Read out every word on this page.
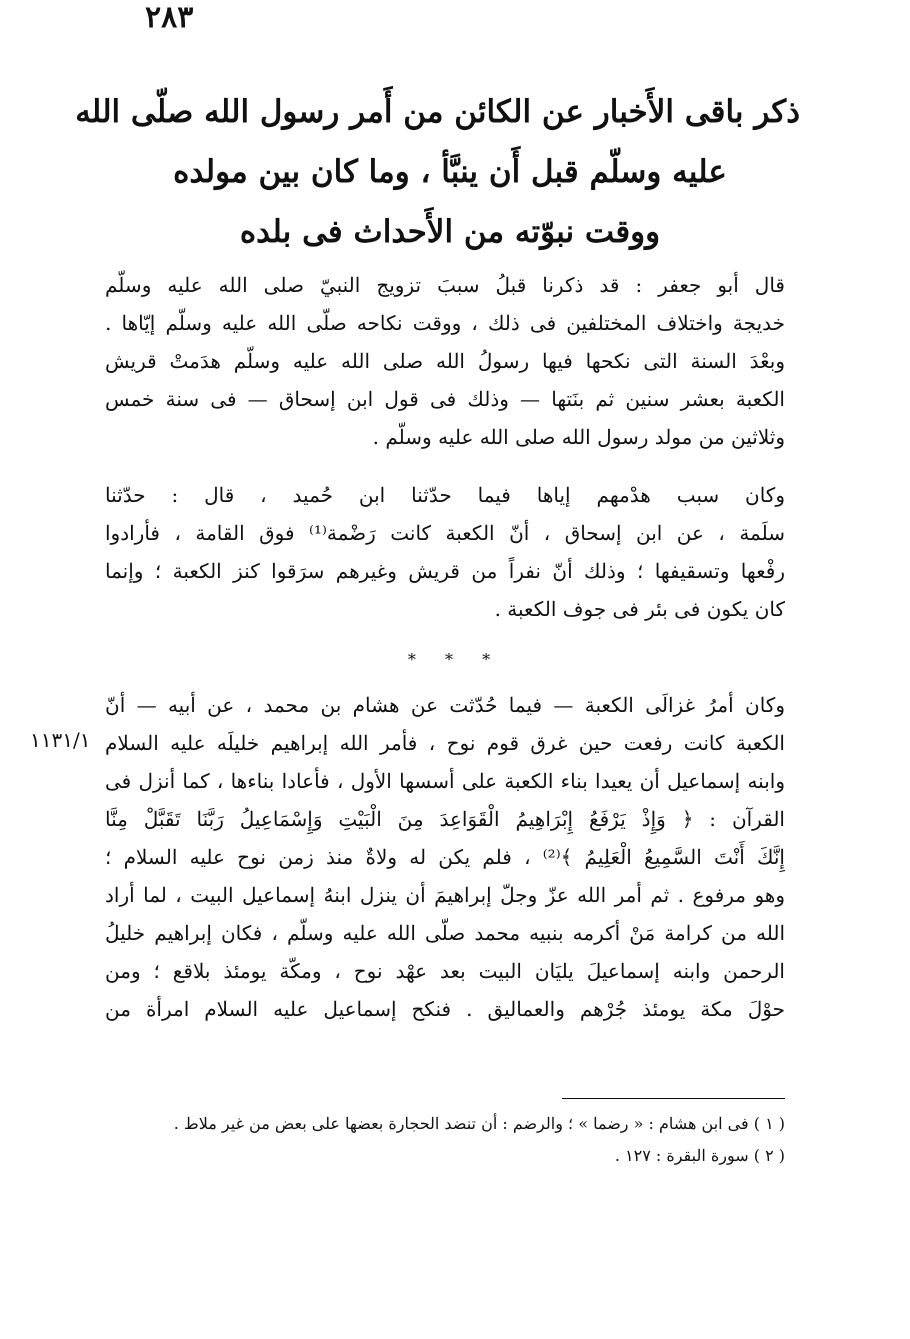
٢٨٣
ذكر باقى الأَخبار عن الكائن من أَمر رسول الله صلّى الله
عليه وسلّم قبل أَن ينبَّأ ، وما كان بين مولده
ووقت نبوّته من الأَحداث فى بلده
قال أبو جعفر : قد ذكرنا قبلُ سببَ تزويج النبيّ صلى الله عليه وسلّم
خديجة واختلاف المختلفين فى ذلك ، ووقت نكاحه صلّى الله عليه وسلّم إيّاها .
وبعْدَ السنة التى نكحها فيها رسولُ الله صلى الله عليه وسلّم هدَمتْ قريش
الكعبة بعشر سنين ثم بنَتها — وذلك فى قول ابن إسحاق — فى سنة خمس
وثلاثين من مولد رسول الله صلى الله عليه وسلّم .
وكان سبب هدْمهم إياها فيما حدّثنا ابن حُميد ، قال : حدّثنا
سلَمة ، عن ابن إسحاق ، أنّ الكعبة كانت رَضْمة⁽¹⁾ فوق القامة ، فأرادوا
رفْعها وتسقيفها ؛ وذلك أنّ نفراً من قريش وغيرهم سرَقوا كنز الكعبة ؛ وإنما
كان يكون فى بئر فى جوف الكعبة .
* * *
١١٣١/١
وكان أمرُ غزالَى الكعبة — فيما حُدّثت عن هشام بن محمد ، عن أبيه — أنّ
الكعبة كانت رفعت حين غرق قوم نوح ، فأمر الله إبراهيم خليلَه عليه السلام
وابنه إسماعيل أن يعيدا بناء الكعبة على أسسها الأول ، فأعادا بناءها ، كما أنزل فى
القرآن : ﴿ وَإِذْ يَرْفَعُ إِبْرَاهِيمُ الْقَوَاعِدَ مِنَ الْبَيْتِ وَإِسْمَاعِيلُ رَبَّنَا تَقَبَّلْ مِنَّا
إِنَّكَ أَنْتَ السَّمِيعُ الْعَلِيمُ ﴾⁽²⁾ ، فلم يكن له ولاةٌ منذ زمن نوح عليه السلام ؛
وهو مرفوع . ثم أمر الله عزّ وجلّ إبراهيمَ أن ينزل ابنهُ إسماعيل البيت ، لما أراد
الله من كرامة مَنْ أكرمه بنبيه محمد صلّى الله عليه وسلّم ، فكان إبراهيم خليلُ
الرحمن وابنه إسماعيلَ يليَان البيت بعد عهْد نوح ، ومكّة يومئذ بلاقع ؛ ومن
حوْلَ مكة يومئذ جُرْهم والعماليق . فنكح إسماعيل عليه السلام امرأة من
( ١ ) فى ابن هشام : « رضما » ؛ والرضم : أن تنضد الحجارة بعضها على بعض من غير ملاط .
( ٢ ) سورة البقرة : ١٢٧ .
